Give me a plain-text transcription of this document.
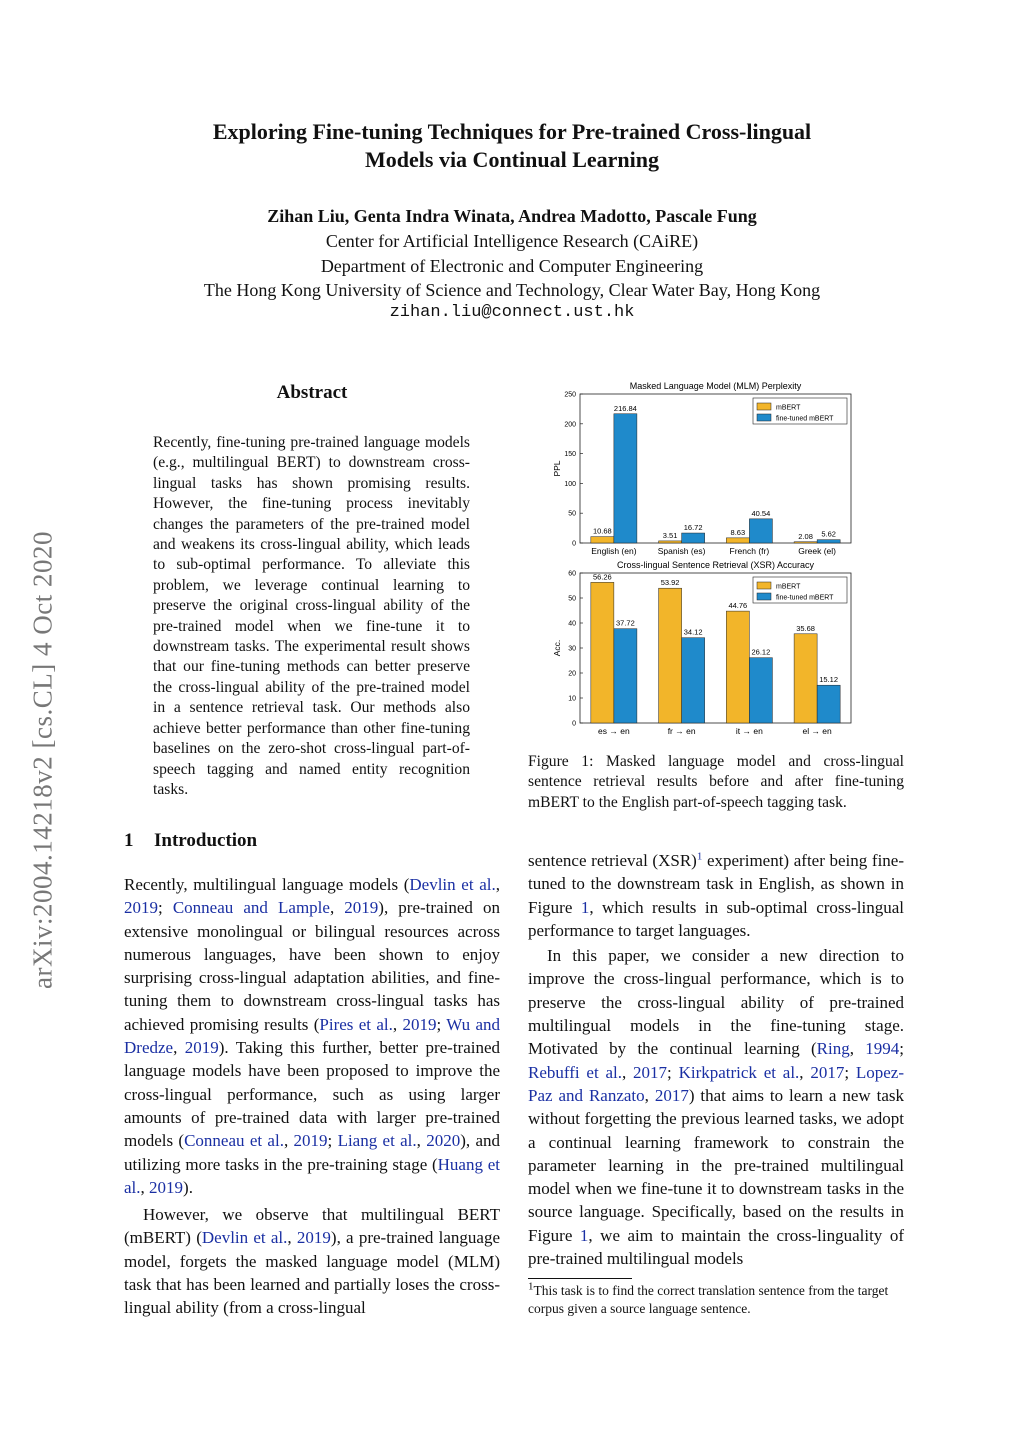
Exploring Fine-tuning Techniques for Pre-trained Cross-lingual
Models via Continual Learning
Zihan Liu, Genta Indra Winata, Andrea Madotto, Pascale Fung
Center for Artificial Intelligence Research (CAiRE)
Department of Electronic and Computer Engineering
The Hong Kong University of Science and Technology, Clear Water Bay, Hong Kong
zihan.liu@connect.ust.hk
arXiv:2004.14218v2 [cs.CL] 4 Oct 2020
Abstract
Recently, fine-tuning pre-trained language models (e.g., multilingual BERT) to downstream cross-lingual tasks has shown promising results. However, the fine-tuning process inevitably changes the parameters of the pre-trained model and weakens its cross-lingual ability, which leads to sub-optimal performance. To alleviate this problem, we leverage continual learning to preserve the original cross-lingual ability of the pre-trained model when we fine-tune it to downstream tasks. The experimental result shows that our fine-tuning methods can better preserve the cross-lingual ability of the pre-trained model in a sentence retrieval task. Our methods also achieve better performance than other fine-tuning baselines on the zero-shot cross-lingual part-of-speech tagging and named entity recognition tasks.
1 Introduction

Recently, multilingual language models (Devlin et al., 2019; Conneau and Lample, 2019), pre-trained on extensive monolingual or bilingual resources across numerous languages, have been shown to enjoy surprising cross-lingual adaptation abilities, and fine-tuning them to downstream cross-lingual tasks has achieved promising results (Pires et al., 2019; Wu and Dredze, 2019). Taking this further, better pre-trained language models have been proposed to improve the cross-lingual performance, such as using larger amounts of pre-trained data with larger pre-trained models (Conneau et al., 2019; Liang et al., 2020), and utilizing more tasks in the pre-training stage (Huang et al., 2019).

However, we observe that multilingual BERT (mBERT) (Devlin et al., 2019), a pre-trained language model, forgets the masked language model (MLM) task that has been learned and partially loses the cross-lingual ability (from a cross-lingual

Masked Language Model (MLM) Perplexity
0
50
100
150
200
250
PPL
English (en)
10.68
216.84
Spanish (es)
3.51
16.72
French (fr)
8.63
40.54
Greek (el)
2.08 5.62
mBERT
fine-tuned mBERT
Cross-lingual Sentence Retrieval (XSR) Accuracy
0
10
20
30
40
50
60
Acc.
es → en
56.26
37.72
fr → en
53.92
34.12
it → en
44.76
26.12
el → en
35.68
15.12
mBERT
fine-tuned mBERT
Figure 1: Masked language model and cross-lingual sentence retrieval results before and after fine-tuning mBERT to the English part-of-speech tagging task.

sentence retrieval (XSR)$^1$ experiment) after being fine-tuned to the downstream task in English, as shown in Figure 1, which results in sub-optimal cross-lingual performance to target languages.

In this paper, we consider a new direction to improve the cross-lingual performance, which is to preserve the cross-lingual ability of pre-trained multilingual models in the fine-tuning stage. Motivated by the continual learning (Ring, 1994; Rebuffi et al., 2017; Kirkpatrick et al., 2017; Lopez-Paz and Ranzato, 2017) that aims to learn a new task without forgetting the previous learned tasks, we adopt a continual learning framework to constrain the parameter learning in the pre-trained multilingual model when we fine-tune it to downstream tasks in the source language. Specifically, based on the results in Figure 1, we aim to maintain the cross-linguality of pre-trained multilingual models

$^1$This task is to find the correct translation sentence from the target corpus given a source language sentence.
